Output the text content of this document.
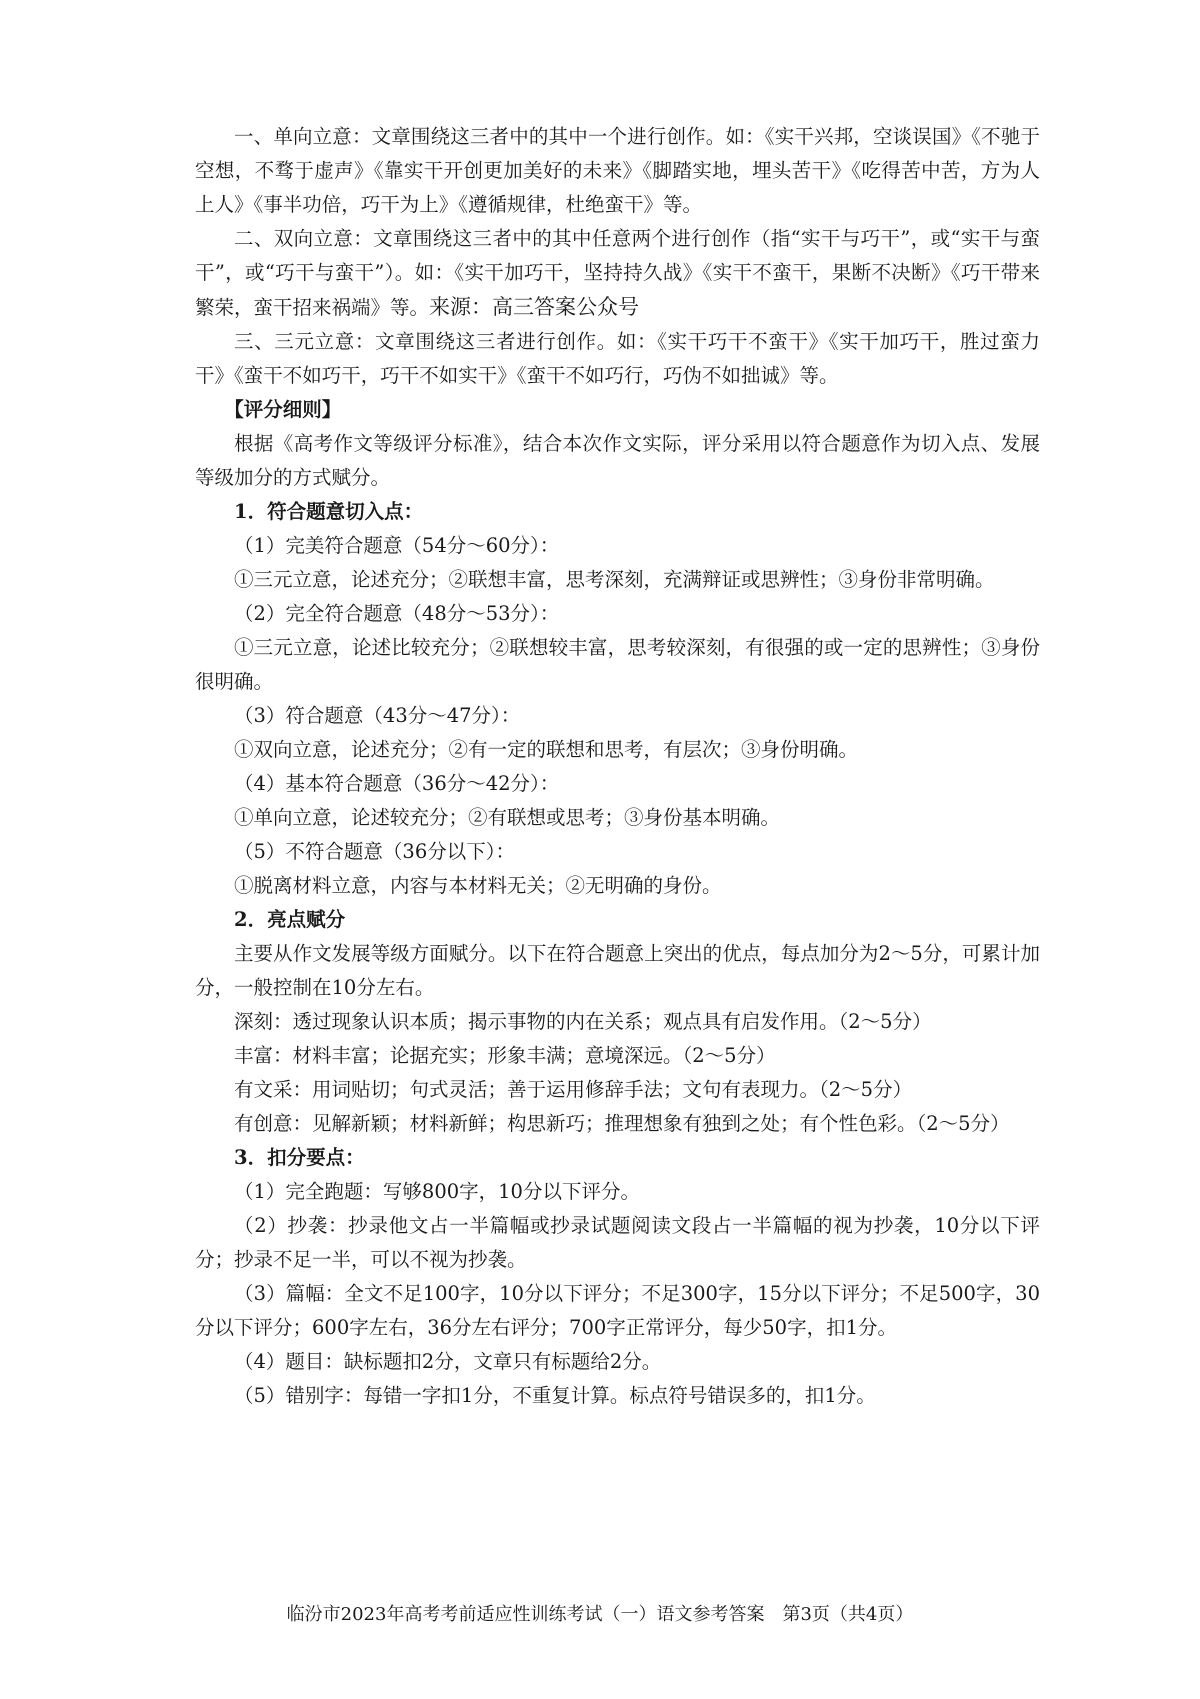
一、单向立意：文章围绕这三者中的其中一个进行创作。如：《实干兴邦，空谈误国》《不驰于空想，不骛于虚声》《靠实干开创更加美好的未来》《脚踏实地，埋头苦干》《吃得苦中苦，方为人上人》《事半功倍，巧干为上》《遵循规律，杜绝蛮干》等。

二、双向立意：文章围绕这三者中的其中任意两个进行创作（指“实干与巧干”，或“实干与蛮干”，或“巧干与蛮干”）。如：《实干加巧干，坚持持久战》《实干不蛮干，果断不决断》《巧干带来繁荣，蛮干招来祸端》等。来源：高三答案公众号

三、三元立意：文章围绕这三者进行创作。如：《实干巧干不蛮干》《实干加巧干，胜过蛮力干》《蛮干不如巧干，巧干不如实干》《蛮干不如巧行，巧伪不如拙诚》等。

【评分细则】

根据《高考作文等级评分标准》，结合本次作文实际，评分采用以符合题意作为切入点、发展等级加分的方式赋分。

1．符合题意切入点：

（1）完美符合题意（54分～60分）：

①三元立意，论述充分；②联想丰富，思考深刻，充满辩证或思辨性；③身份非常明确。

（2）完全符合题意（48分～53分）：

①三元立意，论述比较充分；②联想较丰富，思考较深刻，有很强的或一定的思辨性；③身份很明确。

（3）符合题意（43分～47分）：

①双向立意，论述充分；②有一定的联想和思考，有层次；③身份明确。

（4）基本符合题意（36分～42分）：

①单向立意，论述较充分；②有联想或思考；③身份基本明确。

（5）不符合题意（36分以下）：

①脱离材料立意，内容与本材料无关；②无明确的身份。

2．亮点赋分

主要从作文发展等级方面赋分。以下在符合题意上突出的优点，每点加分为2～5分，可累计加分，一般控制在10分左右。

深刻：透过现象认识本质；揭示事物的内在关系；观点具有启发作用。（2～5分）

丰富：材料丰富；论据充实；形象丰满；意境深远。（2～5分）

有文采：用词贴切；句式灵活；善于运用修辞手法；文句有表现力。（2～5分）

有创意：见解新颖；材料新鲜；构思新巧；推理想象有独到之处；有个性色彩。（2～5分）

3．扣分要点：

（1）完全跑题：写够800字，10分以下评分。

（2）抄袭：抄录他文占一半篇幅或抄录试题阅读文段占一半篇幅的视为抄袭，10分以下评分；抄录不足一半，可以不视为抄袭。

（3）篇幅：全文不足100字，10分以下评分；不足300字，15分以下评分；不足500字，30分以下评分；600字左右，36分左右评分；700字正常评分，每少50字，扣1分。

（4）题目：缺标题扣2分，文章只有标题给2分。

（5）错别字：每错一字扣1分，不重复计算。标点符号错误多的，扣1分。

临汾市2023年高考考前适应性训练考试（一）语文参考答案　第3页（共4页）
